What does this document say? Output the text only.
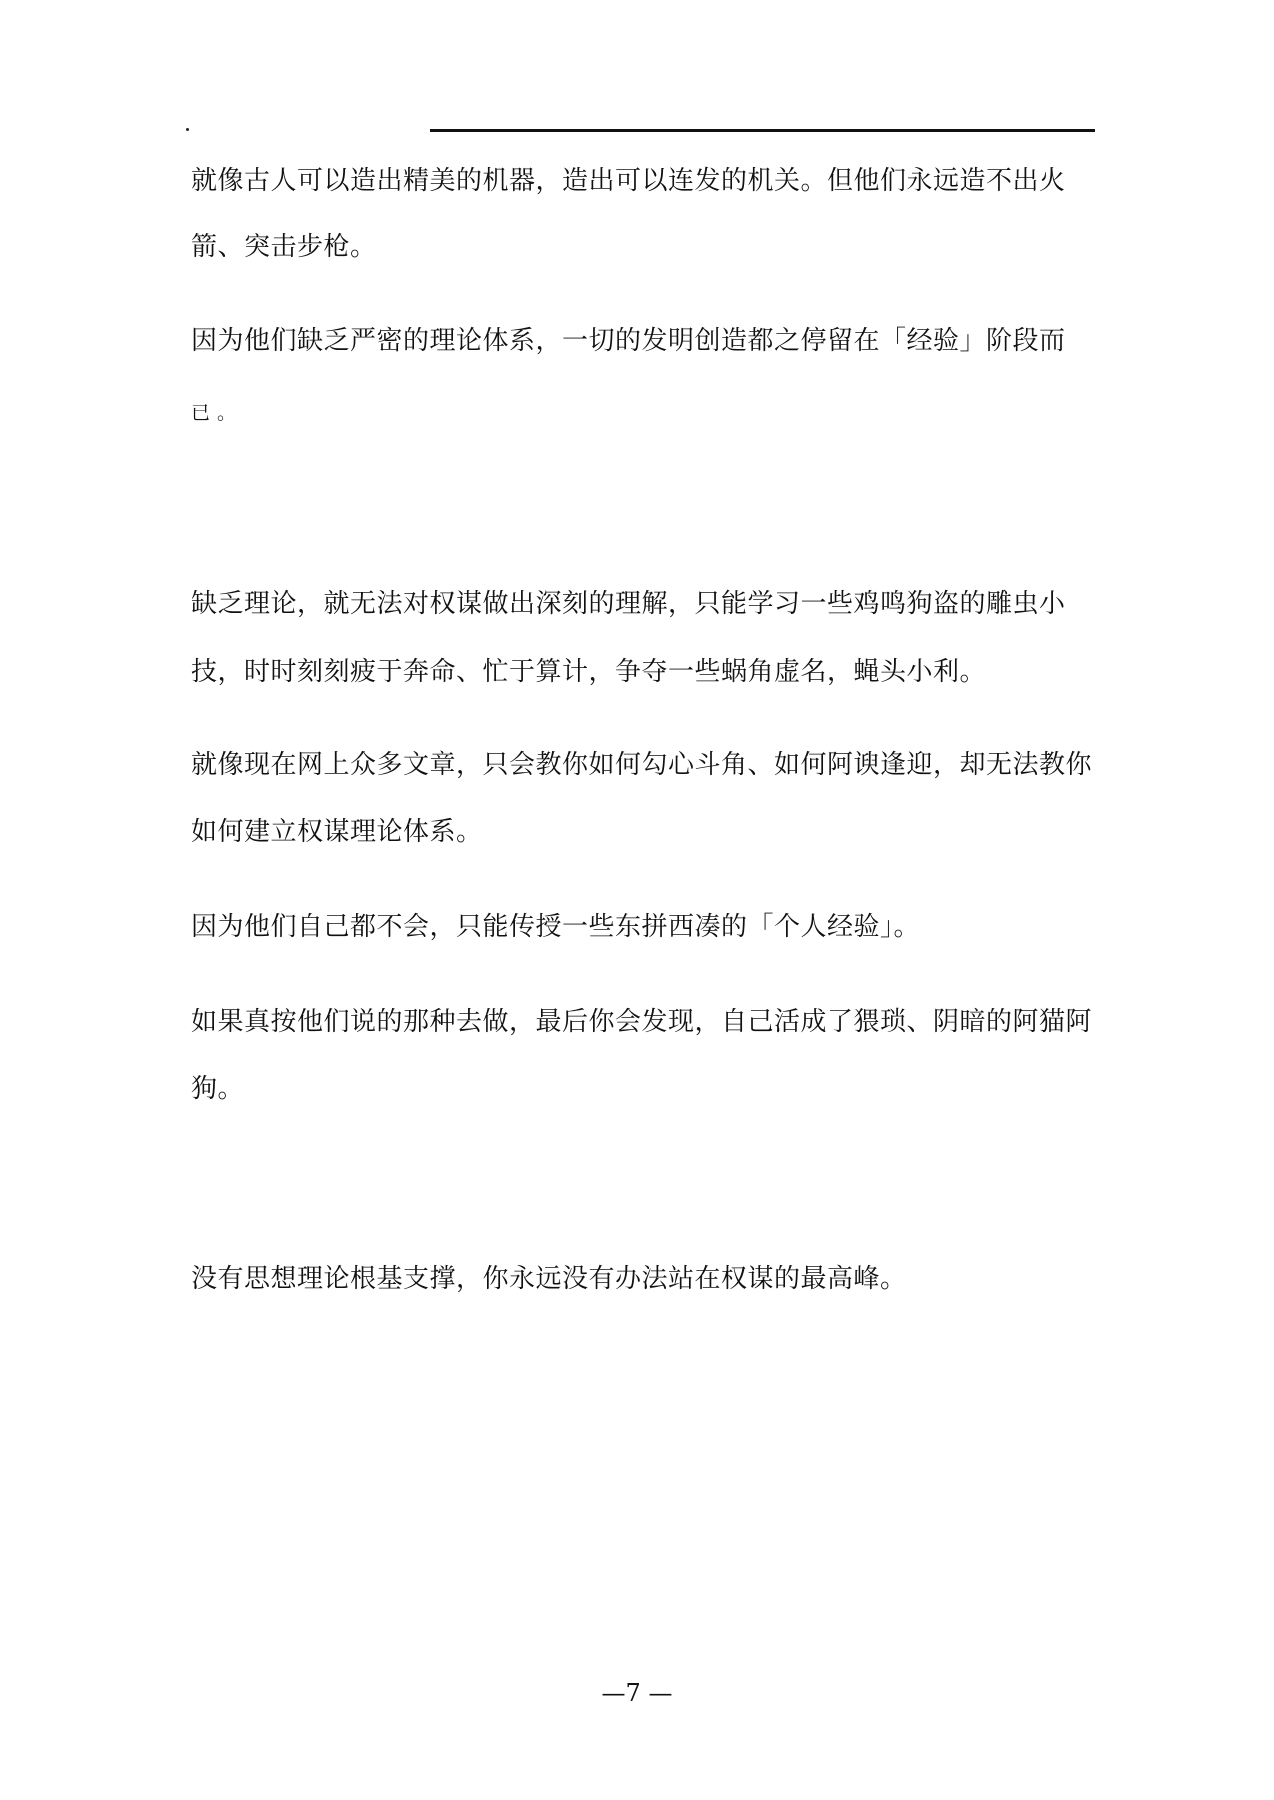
就像古人可以造出精美的机器，造出可以连发的机关。但他们永远造不出火
箭、突击步枪。
因为他们缺乏严密的理论体系，一切的发明创造都之停留在「经验」阶段而
已 。
缺乏理论，就无法对权谋做出深刻的理解，只能学习一些鸡鸣狗盗的雕虫小
技，时时刻刻疲于奔命、忙于算计，争夺一些蜗角虚名，蝇头小利。
就像现在网上众多文章，只会教你如何勾心斗角、如何阿谀逢迎，却无法教你
如何建立权谋理论体系。
因为他们自己都不会，只能传授一些东拼西凑的「个人经验」。
如果真按他们说的那种去做，最后你会发现，自己活成了猥琐、阴暗的阿猫阿
狗。
没有思想理论根基支撑，你永远没有办法站在权谋的最高峰。
—7 —
